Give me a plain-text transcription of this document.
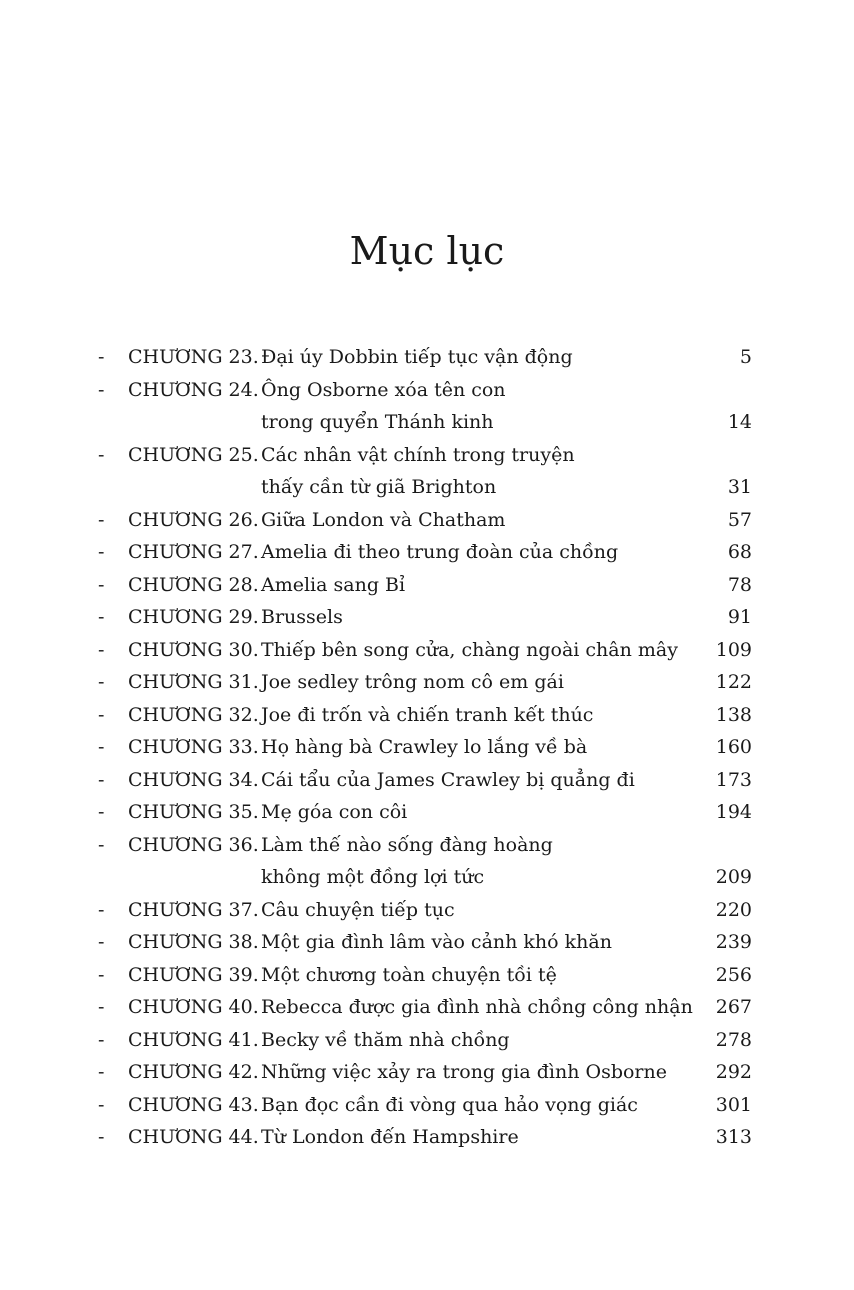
Mục lục
- CHƯƠNG 23. Đại úy Dobbin tiếp tục vận động	5
- CHƯƠNG 24. Ông Osborne xóa tên con
trong quyển Thánh kinh	14
- CHƯƠNG 25. Các nhân vật chính trong truyện
thấy cần từ giã Brighton	31
- CHƯƠNG 26. Giữa London và Chatham	57
- CHƯƠNG 27. Amelia đi theo trung đoàn của chồng	68
- CHƯƠNG 28. Amelia sang Bỉ	78
- CHƯƠNG 29. Brussels	91
- CHƯƠNG 30. Thiếp bên song cửa, chàng ngoài chân mây	109
- CHƯƠNG 31. Joe sedley trông nom cô em gái	122
- CHƯƠNG 32. Joe đi trốn và chiến tranh kết thúc	138
- CHƯƠNG 33. Họ hàng bà Crawley lo lắng về bà	160
- CHƯƠNG 34. Cái tẩu của James Crawley bị quẳng đi	173
- CHƯƠNG 35. Mẹ góa con côi	194
- CHƯƠNG 36. Làm thế nào sống đàng hoàng
không một đồng lợi tức	209
- CHƯƠNG 37. Câu chuyện tiếp tục	220
- CHƯƠNG 38. Một gia đình lâm vào cảnh khó khăn	239
- CHƯƠNG 39. Một chương toàn chuyện tồi tệ	256
- CHƯƠNG 40. Rebecca được gia đình nhà chồng công nhận	267
- CHƯƠNG 41. Becky về thăm nhà chồng	278
- CHƯƠNG 42. Những việc xảy ra trong gia đình Osborne	292
- CHƯƠNG 43. Bạn đọc cần đi vòng qua hảo vọng giác	301
- CHƯƠNG 44. Từ London đến Hampshire	313
